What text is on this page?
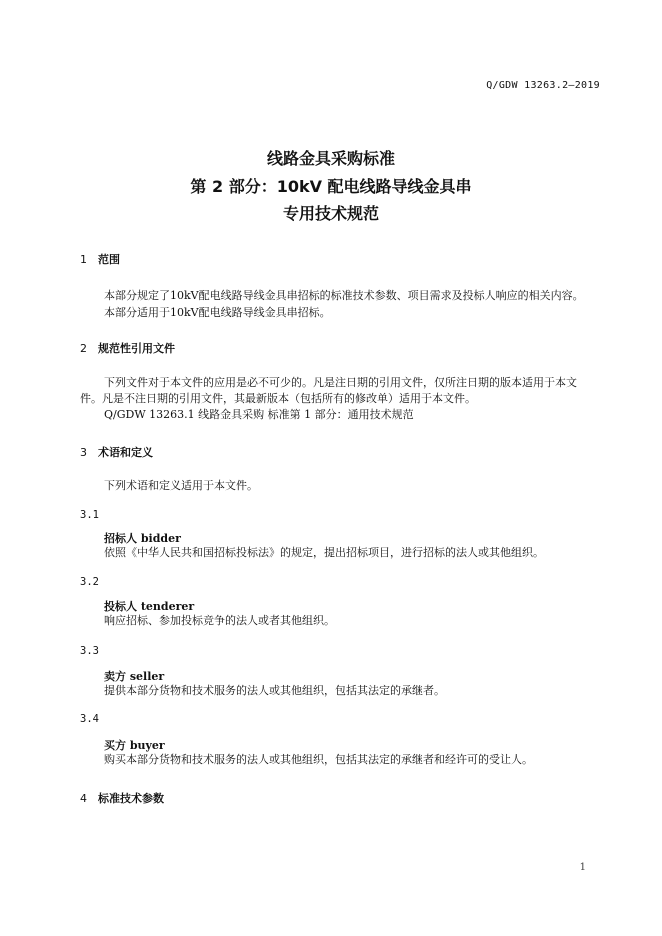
Q/GDW 13263.2—2019
线路金具采购标准
第 2 部分：10kV 配电线路导线金具串
专用技术规范
1 范围
本部分规定了10kV配电线路导线金具串招标的标准技术参数、项目需求及投标人响应的相关内容。
本部分适用于10kV配电线路导线金具串招标。
2 规范性引用文件
下列文件对于本文件的应用是必不可少的。凡是注日期的引用文件，仅所注日期的版本适用于本文
件。凡是不注日期的引用文件，其最新版本（包括所有的修改单）适用于本文件。
Q/GDW 13263.1 线路金具采购 标准第 1 部分：通用技术规范
3 术语和定义
下列术语和定义适用于本文件。
3.1
招标人 bidder
依照《中华人民共和国招标投标法》的规定，提出招标项目，进行招标的法人或其他组织。
3.2
投标人 tenderer
响应招标、参加投标竞争的法人或者其他组织。
3.3
卖方 seller
提供本部分货物和技术服务的法人或其他组织，包括其法定的承继者。
3.4
买方 buyer
购买本部分货物和技术服务的法人或其他组织，包括其法定的承继者和经许可的受让人。
4 标准技术参数
1
